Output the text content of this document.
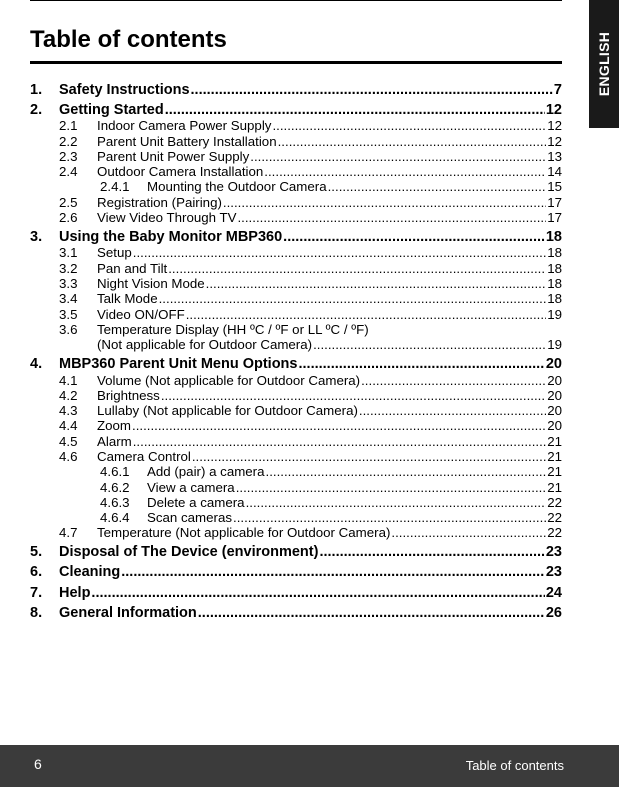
ENGLISH
Table of contents
1.	Safety Instructions .....	7
2.	Getting Started .....	12
2.1	Indoor Camera Power Supply .....	12
2.2	Parent Unit Battery Installation .....	12
2.3	Parent Unit Power Supply .....	13
2.4	Outdoor Camera Installation .....	14
2.4.1	Mounting the Outdoor Camera .....	15
2.5	Registration (Pairing) .....	17
2.6	View Video Through TV .....	17
3.	Using the Baby Monitor MBP360 .....	18
3.1	Setup .....	18
3.2	Pan and Tilt .....	18
3.3	Night Vision Mode .....	18
3.4	Talk Mode .....	18
3.5	Video ON/OFF .....	19
3.6	Temperature Display (HH ºC / ºF or LL ºC / ºF)
(Not applicable for Outdoor Camera) .....	19
4.	MBP360 Parent Unit Menu Options .....	20
4.1	Volume (Not applicable for Outdoor Camera) .....	20
4.2	Brightness .....	20
4.3	Lullaby (Not applicable for Outdoor Camera) .....	20
4.4	Zoom .....	20
4.5	Alarm .....	21
4.6	Camera Control .....	21
4.6.1	Add (pair) a camera .....	21
4.6.2	View a camera .....	21
4.6.3	Delete a camera .....	22
4.6.4	Scan cameras .....	22
4.7	Temperature (Not applicable for Outdoor Camera) .....	22
5.	Disposal of The Device (environment) .....	23
6.	Cleaning .....	23
7.	Help .....	24
8.	General Information .....	26
6	Table of contents
